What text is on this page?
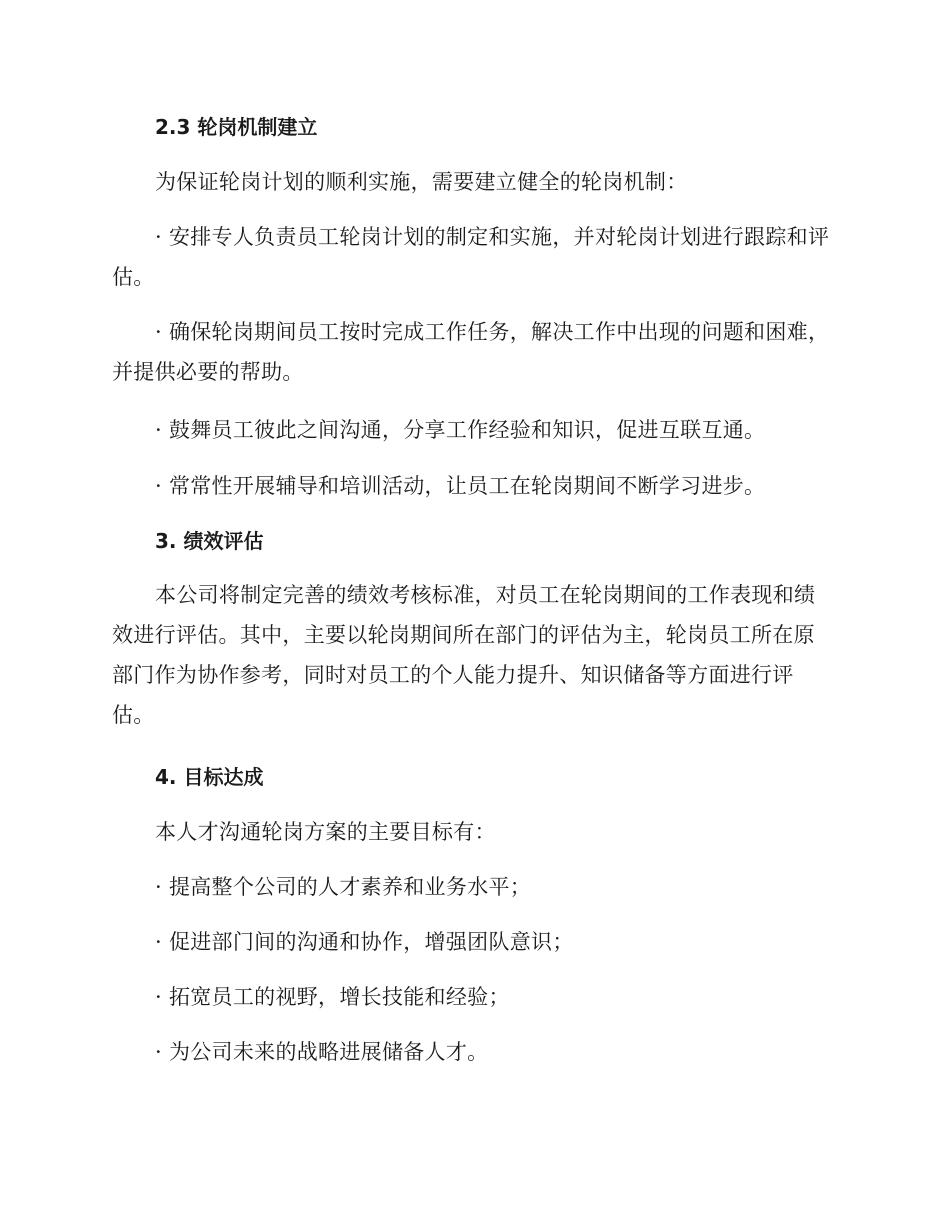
2.3 轮岗机制建立

为保证轮岗计划的顺利实施，需要建立健全的轮岗机制：

· 安排专人负责员工轮岗计划的制定和实施，并对轮岗计划进行跟踪和评估。

· 确保轮岗期间员工按时完成工作任务，解决工作中出现的问题和困难，并提供必要的帮助。

· 鼓舞员工彼此之间沟通，分享工作经验和知识，促进互联互通。

· 常常性开展辅导和培训活动，让员工在轮岗期间不断学习进步。

3. 绩效评估

本公司将制定完善的绩效考核标准，对员工在轮岗期间的工作表现和绩效进行评估。其中，主要以轮岗期间所在部门的评估为主，轮岗员工所在原部门作为协作参考，同时对员工的个人能力提升、知识储备等方面进行评估。

4. 目标达成

本人才沟通轮岗方案的主要目标有：

· 提高整个公司的人才素养和业务水平；

· 促进部门间的沟通和协作，增强团队意识；

· 拓宽员工的视野，增长技能和经验；

· 为公司未来的战略进展储备人才。
